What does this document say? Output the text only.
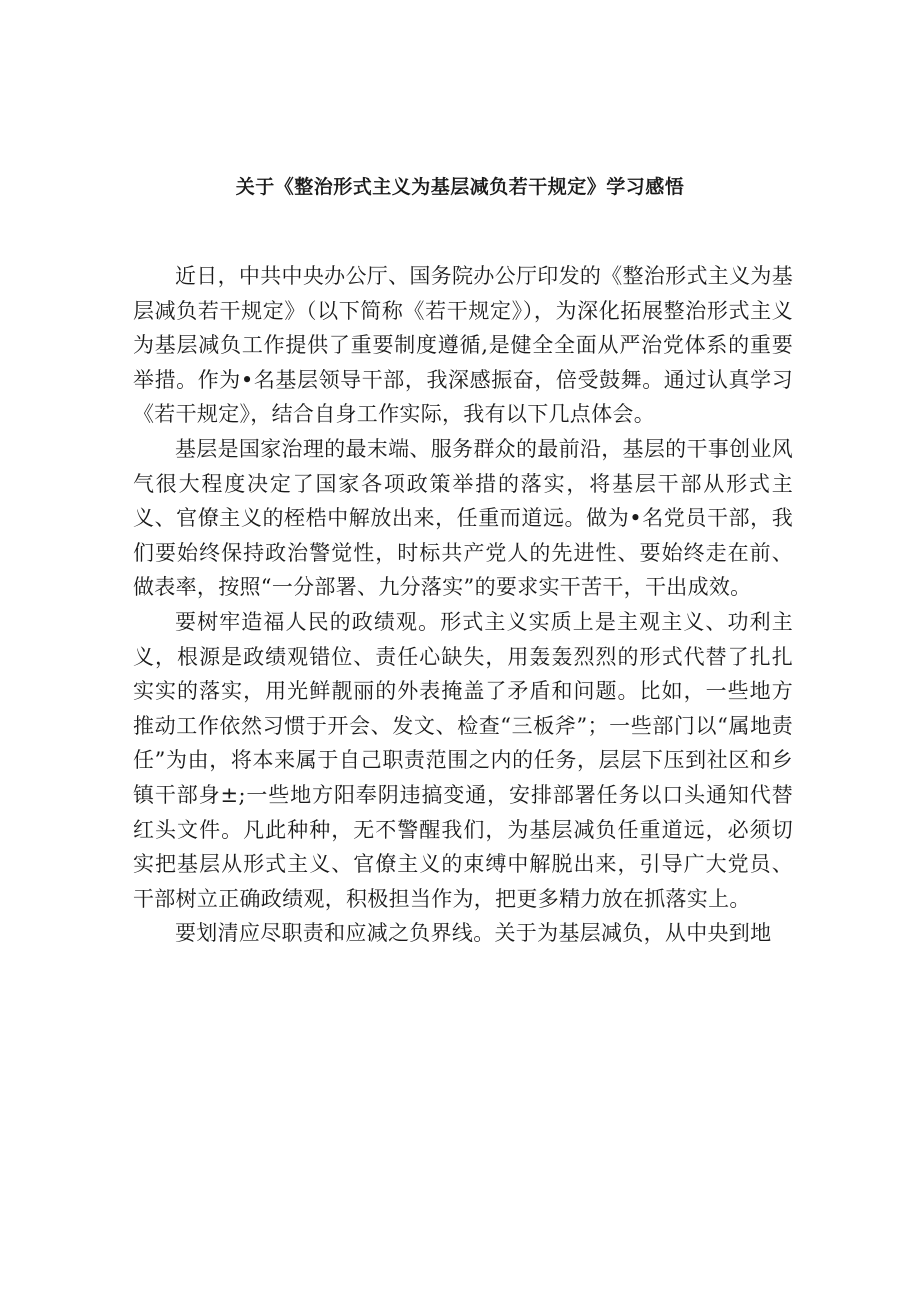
关于《整治形式主义为基层减负若干规定》学习感悟

近日，中共中央办公厅、国务院办公厅印发的《整治形式主义为基层减负若干规定》（以下简称《若干规定》），为深化拓展整治形式主义为基层减负工作提供了重要制度遵循,是健全全面从严治党体系的重要举措。作为•名基层领导干部，我深感振奋，倍受鼓舞。通过认真学习《若干规定》，结合自身工作实际，我有以下几点体会。

基层是国家治理的最末端、服务群众的最前沿，基层的干事创业风气很大程度决定了国家各项政策举措的落实，将基层干部从形式主义、官僚主义的桎梏中解放出来，任重而道远。做为•名党员干部，我们要始终保持政治警觉性，时标共产党人的先进性、要始终走在前、做表率，按照“一分部署、九分落实”的要求实干苦干，干出成效。

要树牢造福人民的政绩观。形式主义实质上是主观主义、功利主义，根源是政绩观错位、责任心缺失，用轰轰烈烈的形式代替了扎扎实实的落实，用光鲜靓丽的外表掩盖了矛盾和问题。比如，一些地方推动工作依然习惯于开会、发文、检查“三板斧”；一些部门以“属地责任”为由，将本来属于自己职责范围之内的任务，层层下压到社区和乡镇干部身±;一些地方阳奉阴违搞变通，安排部署任务以口头通知代替红头文件。凡此种种，无不警醒我们，为基层减负任重道远，必须切实把基层从形式主义、官僚主义的束缚中解脱出来，引导广大党员、干部树立正确政绩观，积极担当作为，把更多精力放在抓落实上。

要划清应尽职责和应减之负界线。关于为基层减负，从中央到地
